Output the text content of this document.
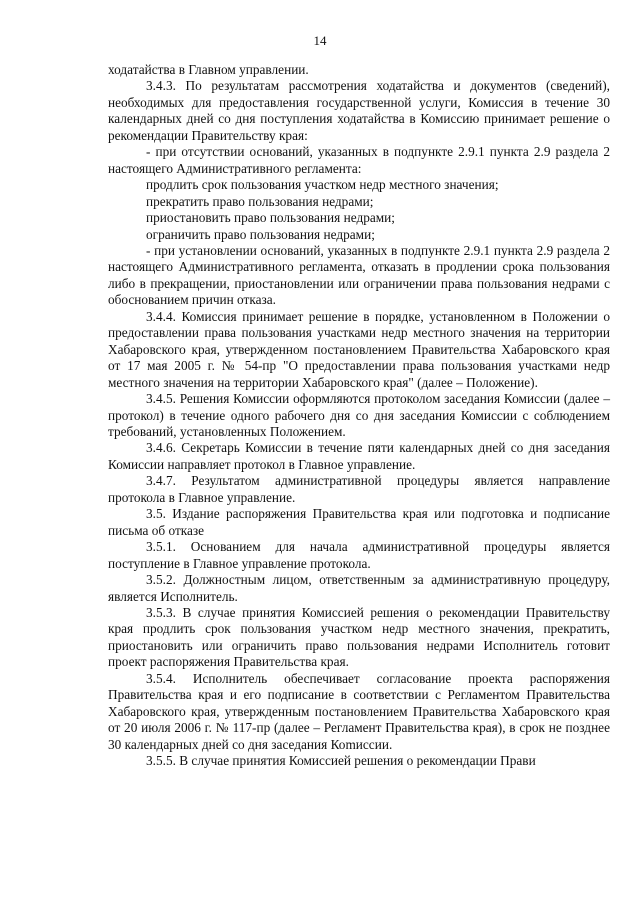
14

ходатайства в Главном управлении.

3.4.3. По результатам рассмотрения ходатайства и документов (сведений), необходимых для предоставления государственной услуги, Комиссия в течение 30 календарных дней со дня поступления ходатайства в Комиссию принимает решение о рекомендации Правительству края:

- при отсутствии оснований, указанных в подпункте 2.9.1 пункта 2.9 раздела 2 настоящего Административного регламента:

продлить срок пользования участком недр местного значения;

прекратить право пользования недрами;

приостановить право пользования недрами;

ограничить право пользования недрами;

- при установлении оснований, указанных в подпункте 2.9.1 пункта 2.9 раздела 2 настоящего Административного регламента, отказать в продлении срока пользования либо в прекращении, приостановлении или ограничении права пользования недрами с обоснованием причин отказа.

3.4.4. Комиссия принимает решение в порядке, установленном в Положении о предоставлении права пользования участками недр местного значения на территории Хабаровского края, утвержденном постановлением Правительства Хабаровского края от 17 мая 2005 г. № 54-пр "О предоставлении права пользования участками недр местного значения на территории Хабаровского края" (далее – Положение).

3.4.5. Решения Комиссии оформляются протоколом заседания Комиссии (далее – протокол) в течение одного рабочего дня со дня заседания Комиссии с соблюдением требований, установленных Положением.

3.4.6. Секретарь Комиссии в течение пяти календарных дней со дня заседания Комиссии направляет протокол в Главное управление.

3.4.7. Результатом административной процедуры является направление протокола в Главное управление.

3.5. Издание распоряжения Правительства края или подготовка и подписание письма об отказе

3.5.1. Основанием для начала административной процедуры является поступление в Главное управление протокола.

3.5.2. Должностным лицом, ответственным за административную процедуру, является Исполнитель.

3.5.3. В случае принятия Комиссией решения о рекомендации Правительству края продлить срок пользования участком недр местного значения, прекратить, приостановить или ограничить право пользования недрами Исполнитель готовит проект распоряжения Правительства края.

3.5.4. Исполнитель обеспечивает согласование проекта распоряжения Правительства края и его подписание в соответствии с Регламентом Правительства Хабаровского края, утвержденным постановлением Правительства Хабаровского края от 20 июля 2006 г. № 117-пр (далее – Регламент Правительства края), в срок не позднее 30 календарных дней со дня заседания Коmиссии.

3.5.5. В случае принятия Комиссией решения о рекомендации Прави
